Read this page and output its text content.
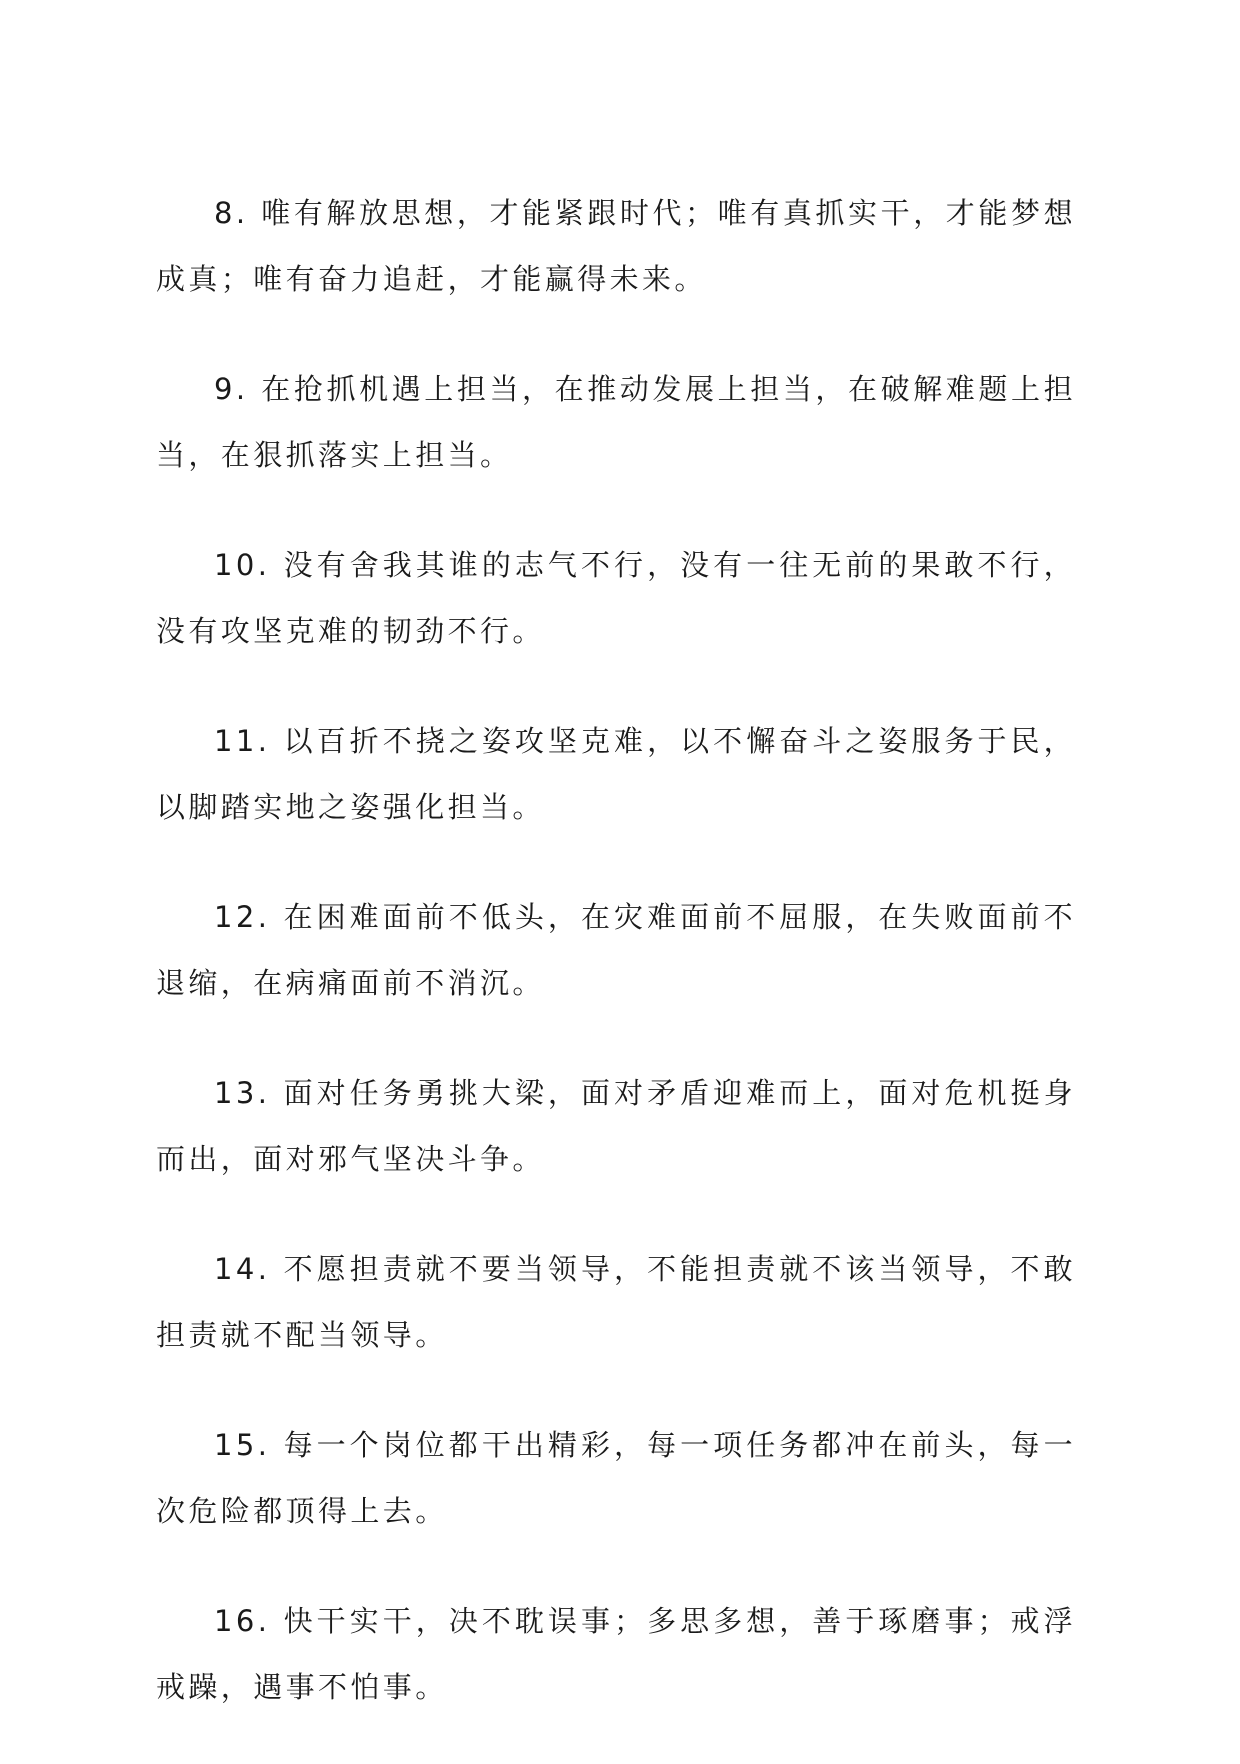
8. 唯有解放思想，才能紧跟时代；唯有真抓实干，才能梦想成真；唯有奋力追赶，才能赢得未来。

9. 在抢抓机遇上担当，在推动发展上担当，在破解难题上担当，在狠抓落实上担当。

10. 没有舍我其谁的志气不行，没有一往无前的果敢不行，没有攻坚克难的韧劲不行。

11. 以百折不挠之姿攻坚克难，以不懈奋斗之姿服务于民，以脚踏实地之姿强化担当。

12. 在困难面前不低头，在灾难面前不屈服，在失败面前不退缩，在病痛面前不消沉。

13. 面对任务勇挑大梁，面对矛盾迎难而上，面对危机挺身而出，面对邪气坚决斗争。

14. 不愿担责就不要当领导，不能担责就不该当领导，不敢担责就不配当领导。

15. 每一个岗位都干出精彩，每一项任务都冲在前头，每一次危险都顶得上去。

16. 快干实干，决不耽误事；多思多想，善于琢磨事；戒浮戒躁，遇事不怕事。
